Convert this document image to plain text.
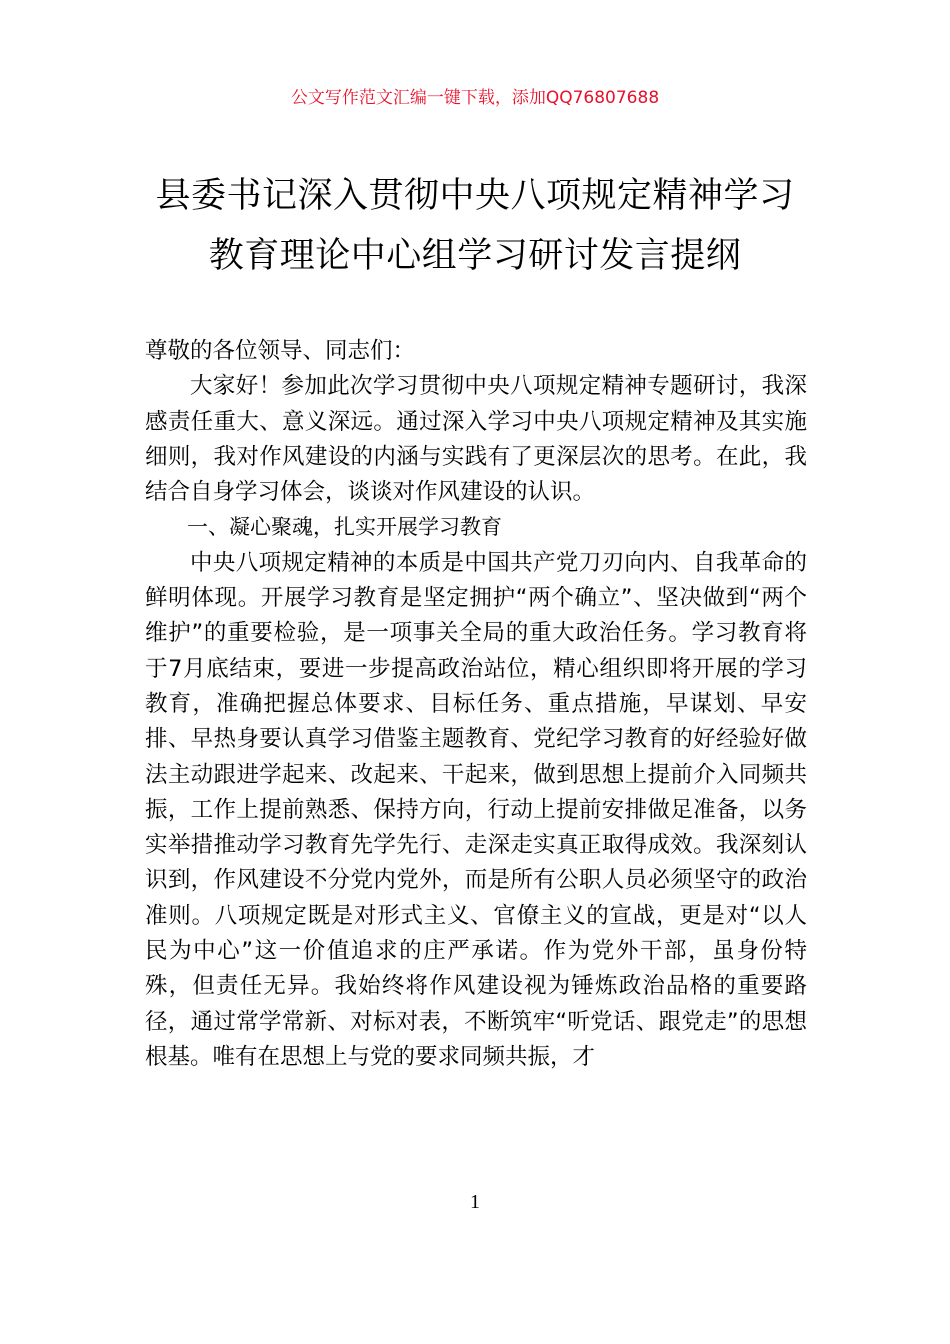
公文写作范文汇编一键下载，添加QQ76807688
县委书记深入贯彻中央八项规定精神学习
教育理论中心组学习研讨发言提纲

尊敬的各位领导、同志们：

大家好！参加此次学习贯彻中央八项规定精神专题研讨，我深感责任重大、意义深远。通过深入学习中央八项规定精神及其实施细则，我对作风建设的内涵与实践有了更深层次的思考。在此，我结合自身学习体会，谈谈对作风建设的认识。

一、凝心聚魂，扎实开展学习教育

中央八项规定精神的本质是中国共产党刀刃向内、自我革命的鲜明体现。开展学习教育是坚定拥护“两个确立”、坚决做到“两个维护”的重要检验，是一项事关全局的重大政治任务。学习教育将于7月底结束，要进一步提高政治站位，精心组织即将开展的学习教育，准确把握总体要求、目标任务、重点措施，早谋划、早安排、早热身要认真学习借鉴主题教育、党纪学习教育的好经验好做法主动跟进学起来、改起来、干起来，做到思想上提前介入同频共振，工作上提前熟悉、保持方向，行动上提前安排做足准备，以务实举措推动学习教育先学先行、走深走实真正取得成效。我深刻认识到，作风建设不分党内党外，而是所有公职人员必须坚守的政治准则。八项规定既是对形式主义、官僚主义的宣战，更是对“以人民为中心”这一价值追求的庄严承诺。作为党外干部，虽身份特殊，但责任无异。我始终将作风建设视为锤炼政治品格的重要路径，通过常学常新、对标对表，不断筑牢“听党话、跟党走”的思想根基。唯有在思想上与党的要求同频共振，才

1
